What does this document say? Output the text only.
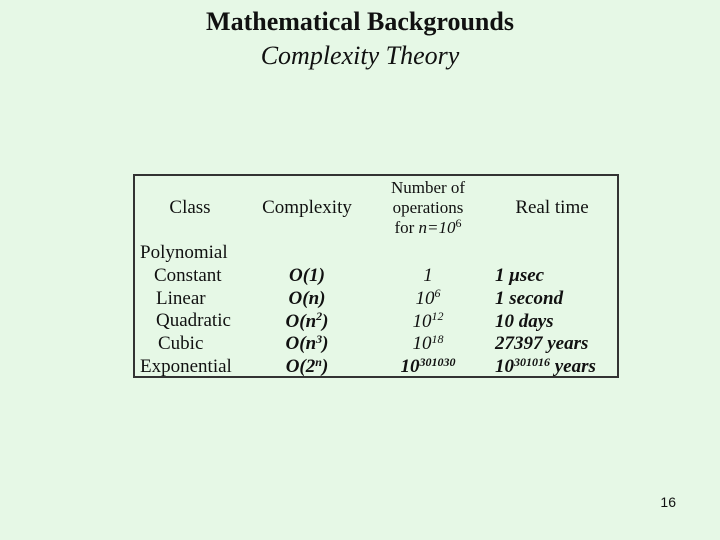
Mathematical Backgrounds
Complexity Theory
Class	Complexity
Number of
operations
for $n=10^6$
Real time
Polynomial
Constant
Linear
Quadratic
Cubic
Exponential
O(1)
O(n)
$O(n^2)$
$O(n^3)$
O(2$^n$)
1
$10^6$
$10^{12}$
$10^{18}$
$10^{301030}$
1 μsec
1 second
10 days
27397 years
$10^{301016}$ years
16
